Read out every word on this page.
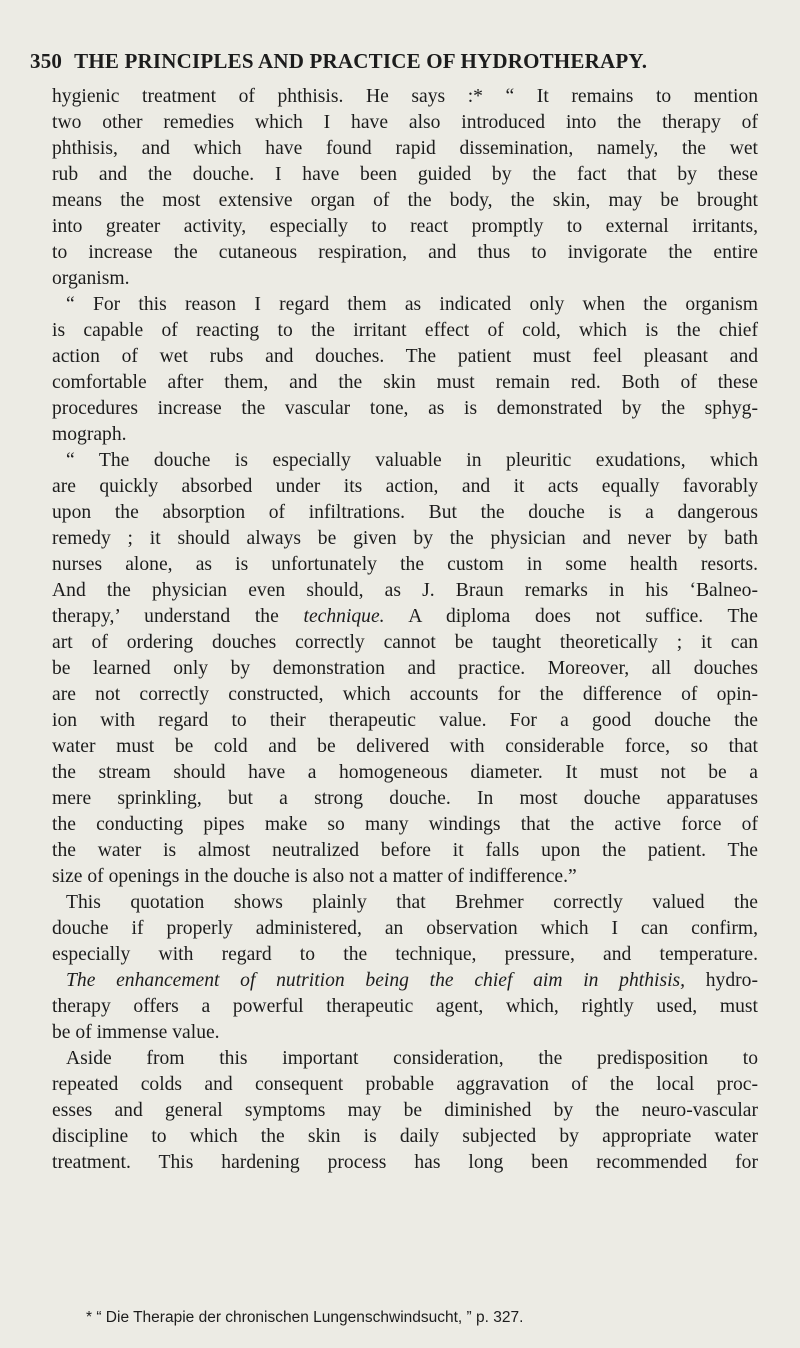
350 THE PRINCIPLES AND PRACTICE OF HYDROTHERAPY.
hygienic treatment of phthisis. He says :* “ It remains to mention
two other remedies which I have also introduced into the therapy of
phthisis, and which have found rapid dissemination, namely, the wet
rub and the douche. I have been guided by the fact that by these
means the most extensive organ of the body, the skin, may be brought
into greater activity, especially to react promptly to external irritants,
to increase the cutaneous respiration, and thus to invigorate the entire
organism.
“ For this reason I regard them as indicated only when the organism
is capable of reacting to the irritant effect of cold, which is the chief
action of wet rubs and douches. The patient must feel pleasant and
comfortable after them, and the skin must remain red. Both of these
procedures increase the vascular tone, as is demonstrated by the sphyg-
mograph.
“ The douche is especially valuable in pleuritic exudations, which
are quickly absorbed under its action, and it acts equally favorably
upon the absorption of infiltrations. But the douche is a dangerous
remedy ; it should always be given by the physician and never by bath
nurses alone, as is unfortunately the custom in some health resorts.
And the physician even should, as J. Braun remarks in his ‘Balneo-
therapy,’ understand the technique. A diploma does not suffice. The
art of ordering douches correctly cannot be taught theoretically ; it can
be learned only by demonstration and practice. Moreover, all douches
are not correctly constructed, which accounts for the difference of opin-
ion with regard to their therapeutic value. For a good douche the
water must be cold and be delivered with considerable force, so that
the stream should have a homogeneous diameter. It must not be a
mere sprinkling, but a strong douche. In most douche apparatuses
the conducting pipes make so many windings that the active force of
the water is almost neutralized before it falls upon the patient. The
size of openings in the douche is also not a matter of indifference.”
This quotation shows plainly that Brehmer correctly valued the
douche if properly administered, an observation which I can confirm,
especially with regard to the technique, pressure, and temperature.
The enhancement of nutrition being the chief aim in phthisis, hydro-
therapy offers a powerful therapeutic agent, which, rightly used, must
be of immense value.
Aside from this important consideration, the predisposition to
repeated colds and consequent probable aggravation of the local proc-
esses and general symptoms may be diminished by the neuro-vascular
discipline to which the skin is daily subjected by appropriate water
treatment. This hardening process has long been recommended for
* “ Die Therapie der chronischen Lungenschwindsucht, ” p. 327.
